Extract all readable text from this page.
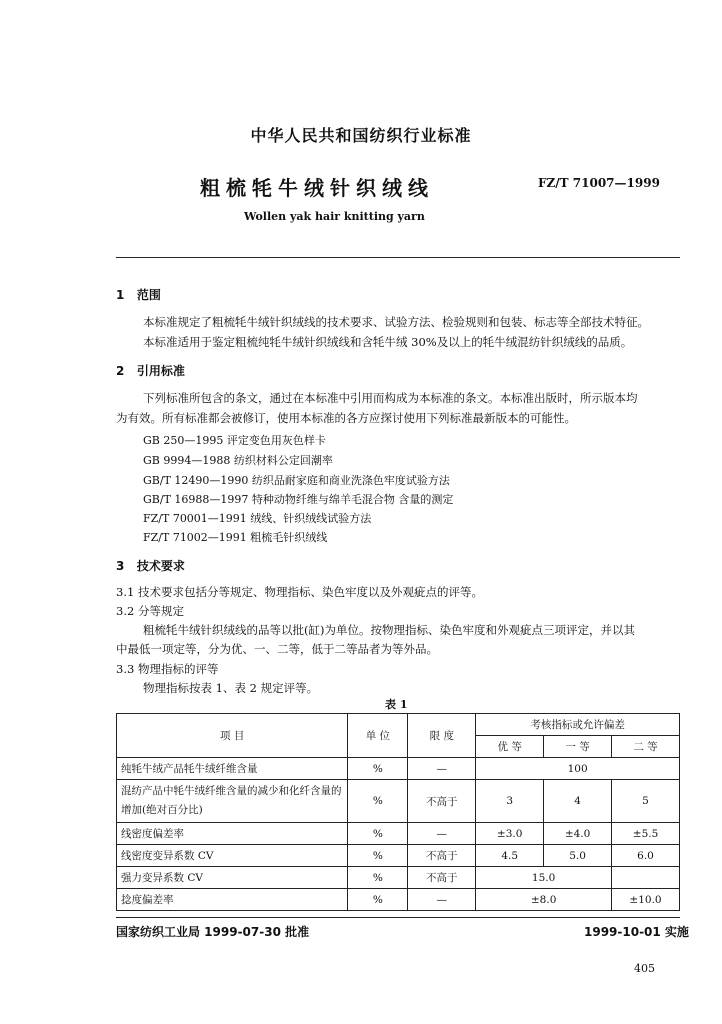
中华人民共和国纺织行业标准
粗梳牦牛绒针织绒线	FZ/T 71007—1999
Wollen yak hair knitting yarn
1 范围
本标准规定了粗梳牦牛绒针织绒线的技术要求、试验方法、检验规则和包装、标志等全部技术特征。
本标准适用于鉴定粗梳纯牦牛绒针织绒线和含牦牛绒 30%及以上的牦牛绒混纺针织绒线的品质。
2 引用标准
下列标准所包含的条文，通过在本标准中引用而构成为本标准的条文。本标准出版时，所示版本均
为有效。所有标准都会被修订，使用本标准的各方应探讨使用下列标准最新版本的可能性。
GB 250—1995 评定变色用灰色样卡
GB 9994—1988 纺织材料公定回潮率
GB/T 12490—1990 纺织品耐家庭和商业洗涤色牢度试验方法
GB/T 16988—1997 特种动物纤维与绵羊毛混合物 含量的测定
FZ/T 70001—1991 绒线、针织绒线试验方法
FZ/T 71002—1991 粗梳毛针织绒线
3 技术要求
3.1 技术要求包括分等规定、物理指标、染色牢度以及外观疵点的评等。
3.2 分等规定
粗梳牦牛绒针织绒线的品等以批(缸)为单位。按物理指标、染色牢度和外观疵点三项评定，并以其
中最低一项定等，分为优、一、二等，低于二等品者为等外品。
3.3 物理指标的评等
物理指标按表 1、表 2 规定评等。
表 1
项 目	单 位	限 度	考核指标或允许偏差		
			优 等	一 等	二 等
纯牦牛绒产品牦牛绒纤维含量	%	—	100		
混纺产品中牦牛绒纤维含量的减少和化纤含量的增加(绝对百分比)	%	不高于	3	4	5
线密度偏差率	%	—	±3.0	±4.0	±5.5
线密度变异系数 CV	%	不高于	4.5	5.0	6.0
强力变异系数 CV	%	不高于	15.0		
捻度偏差率	%	—	±8.0		±10.0
国家纺织工业局 1999-07-30 批准	1999-10-01 实施
405
